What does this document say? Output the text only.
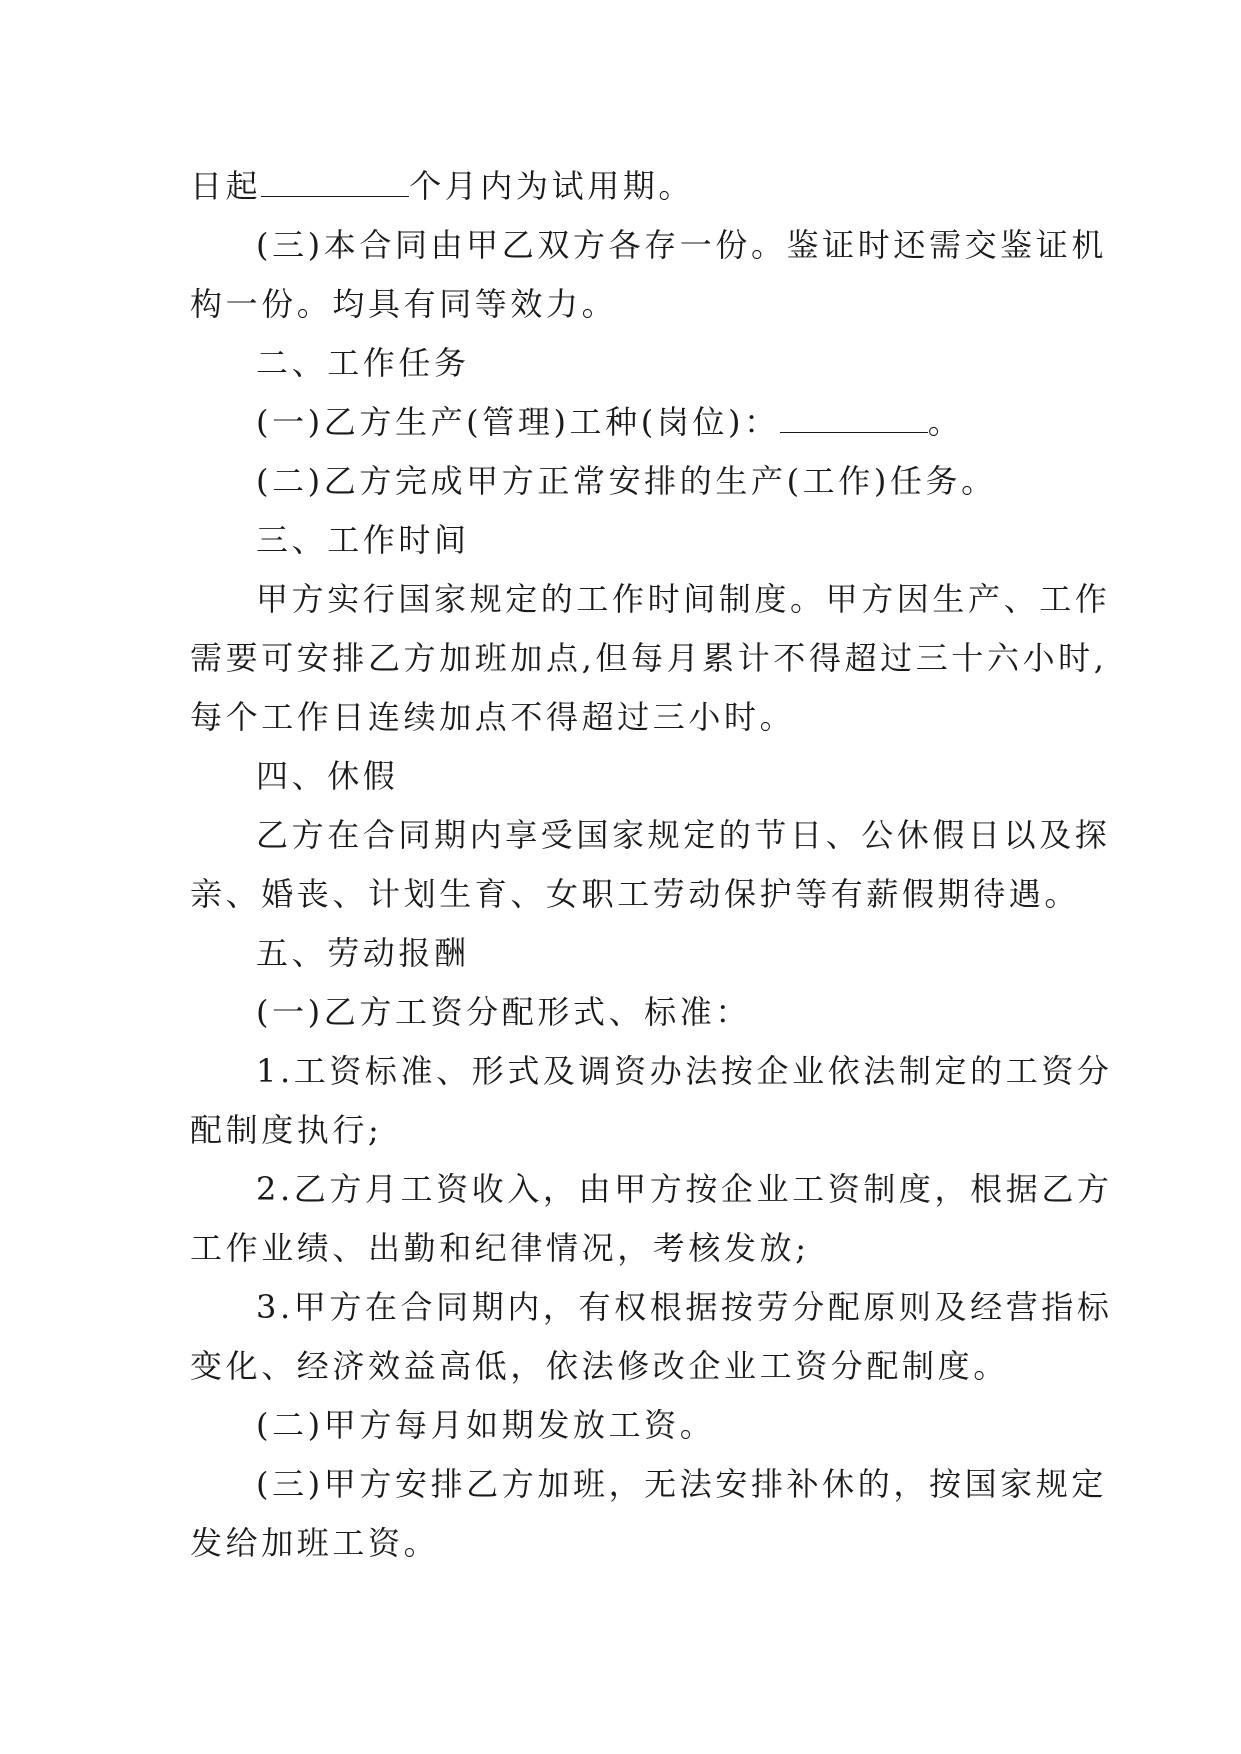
日起	个月内为试用期。
(三)本合同由甲乙双方各存一份。鉴证时还需交鉴证机
构一份。均具有同等效力。
二、工作任务
(一)乙方生产(管理)工种(岗位)：	。
(二)乙方完成甲方正常安排的生产(工作)任务。
三、工作时间
甲方实行国家规定的工作时间制度。甲方因生产、工作
需要可安排乙方加班加点,但每月累计不得超过三十六小时,
每个工作日连续加点不得超过三小时。
四、休假
乙方在合同期内享受国家规定的节日、公休假日以及探
亲、婚丧、计划生育、女职工劳动保护等有薪假期待遇。
五、劳动报酬
(一)乙方工资分配形式、标准：
1.工资标准、形式及调资办法按企业依法制定的工资分
配制度执行;
2.乙方月工资收入，由甲方按企业工资制度，根据乙方
工作业绩、出勤和纪律情况，考核发放;
3.甲方在合同期内，有权根据按劳分配原则及经营指标
变化、经济效益高低，依法修改企业工资分配制度。
(二)甲方每月如期发放工资。
(三)甲方安排乙方加班，无法安排补休的，按国家规定
发给加班工资。
